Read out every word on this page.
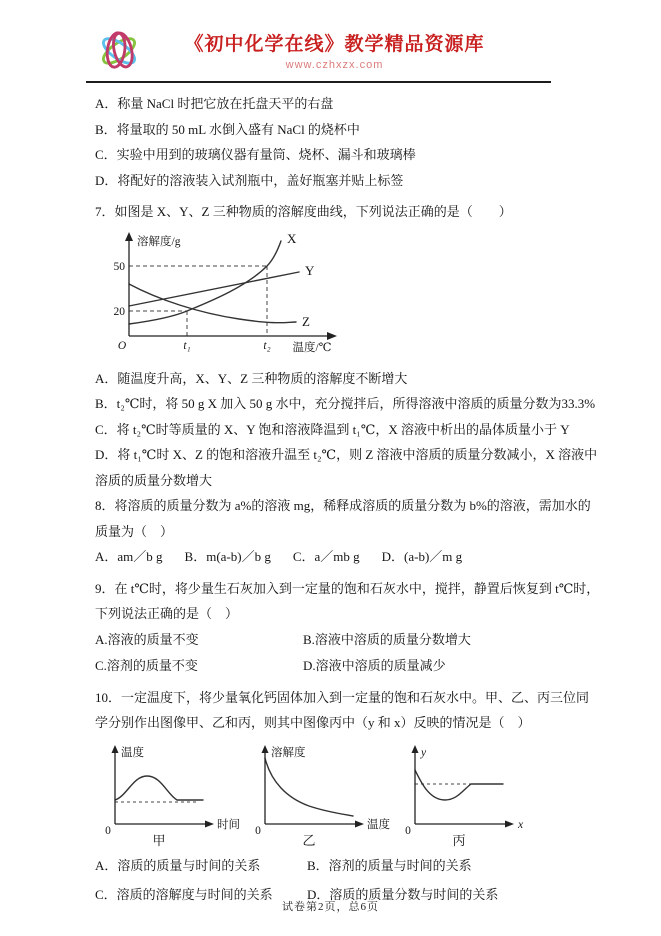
《初中化学在线》教学精品资源库
www.czhxzx.com

A．称量 NaCl 时把它放在托盘天平的右盘

B．将量取的 50 mL 水倒入盛有 NaCl 的烧杯中

C．实验中用到的玻璃仪器有量筒、烧杯、漏斗和玻璃棒

D．将配好的溶液装入试剂瓶中，盖好瓶塞并贴上标签

7．如图是 X、Y、Z 三种物质的溶解度曲线，下列说法正确的是（　　）

溶解度/g
温度/℃
50
20
O	t₁	t₂
X
Y
Z

A．随温度升高，X、Y、Z 三种物质的溶解度不断增大

B．t₂℃时，将 50 g X 加入 50 g 水中，充分搅拌后，所得溶液中溶质的质量分数为33.3%

C．将 t₂℃时等质量的 X、Y 饱和溶液降温到 t₁℃，X 溶液中析出的晶体质量小于 Y

D．将 t₁℃时 X、Z 的饱和溶液升温至 t₂℃，则 Z 溶液中溶质的质量分数减小，X 溶液中

溶质的质量分数增大

8．将溶质的质量分数为 a%的溶液 mg，稀释成溶质的质量分数为 b%的溶液，需加水的

质量为（　）

A．am／b g B．m(a-b)／b g C．a／mb g D．(a-b)／m g

9．在 t℃时，将少量生石灰加入到一定量的饱和石灰水中，搅拌，静置后恢复到 t℃时，

下列说法正确的是（　）

A.溶液的质量不变	B.溶液中溶质的质量分数增大
C.溶剂的质量不变	D.溶液中溶质的质量减少

10．一定温度下，将少量氧化钙固体加入到一定量的饱和石灰水中。甲、乙、丙三位同

学分别作出图像甲、乙和丙，则其中图像丙中（y 和 x）反映的情况是（　）

温度
时间
0
甲
溶解度
温度
0
乙
y
x
0
丙
A．溶质的质量与时间的关系	B．溶剂的质量与时间的关系
C．溶质的溶解度与时间的关系	D．溶质的质量分数与时间的关系
试卷第2页，总6页
